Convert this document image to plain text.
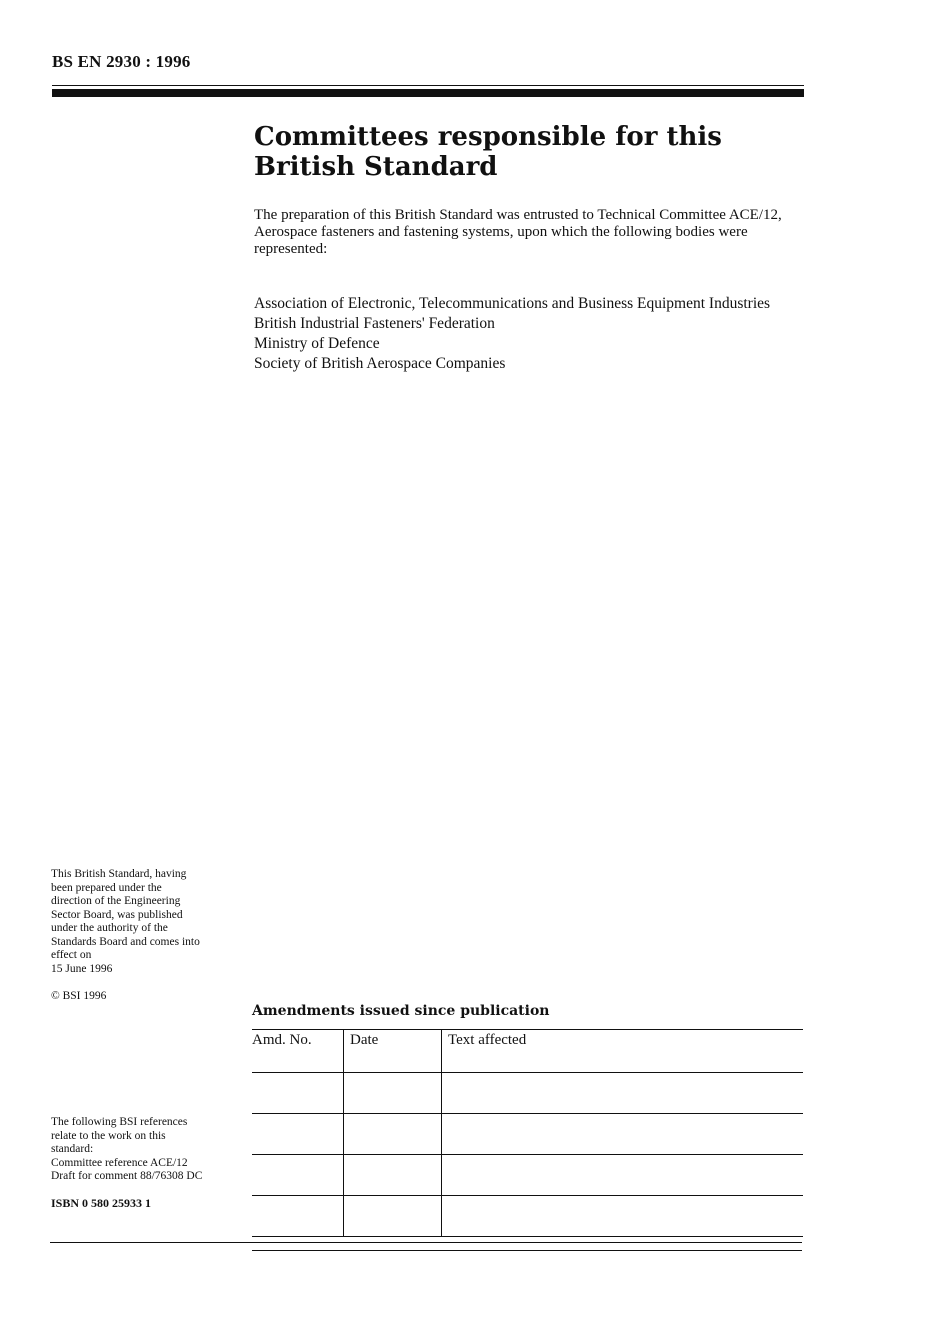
BS EN 2930 : 1996
Committees responsible for this
British Standard

The preparation of this British Standard was entrusted to Technical Committee ACE/12, Aerospace fasteners and fastening systems, upon which the following bodies were represented:

Association of Electronic, Telecommunications and Business Equipment Industries
British Industrial Fasteners' Federation
Ministry of Defence
Society of British Aerospace Companies

This British Standard, having
been prepared under the
direction of the Engineering
Sector Board, was published
under the authority of the
Standards Board and comes into
effect on
15 June 1996

© BSI 1996

The following BSI references
relate to the work on this
standard:
Committee reference ACE/12
Draft for comment 88/76308 DC

ISBN 0 580 25933 1

Amendments issued since publication
Amd. No.	Date	Text affected
